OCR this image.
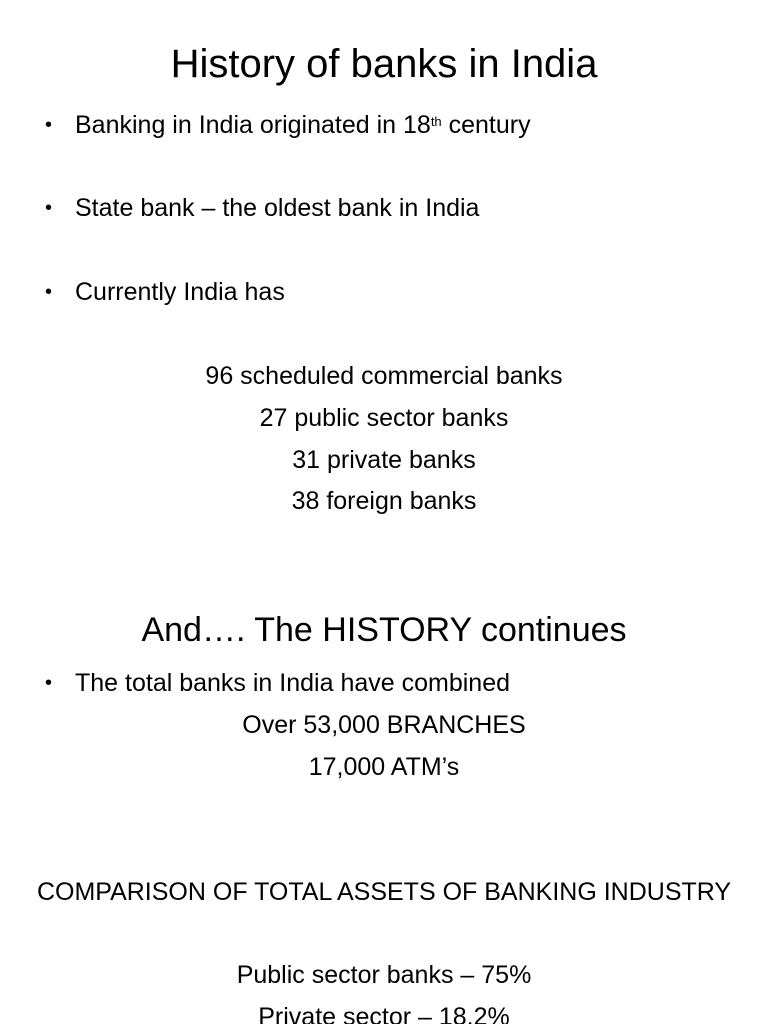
History of banks in India
• Banking in India originated in 18th century
• State bank – the oldest bank in India
• Currently India has
96 scheduled commercial banks
27 public sector banks
31 private banks
38 foreign banks
And…. The HISTORY continues
• The total banks in India have combined
Over 53,000 BRANCHES
17,000 ATM’s
COMPARISON OF TOTAL ASSETS OF BANKING INDUSTRY
Public sector banks – 75%
Private sector – 18.2%
